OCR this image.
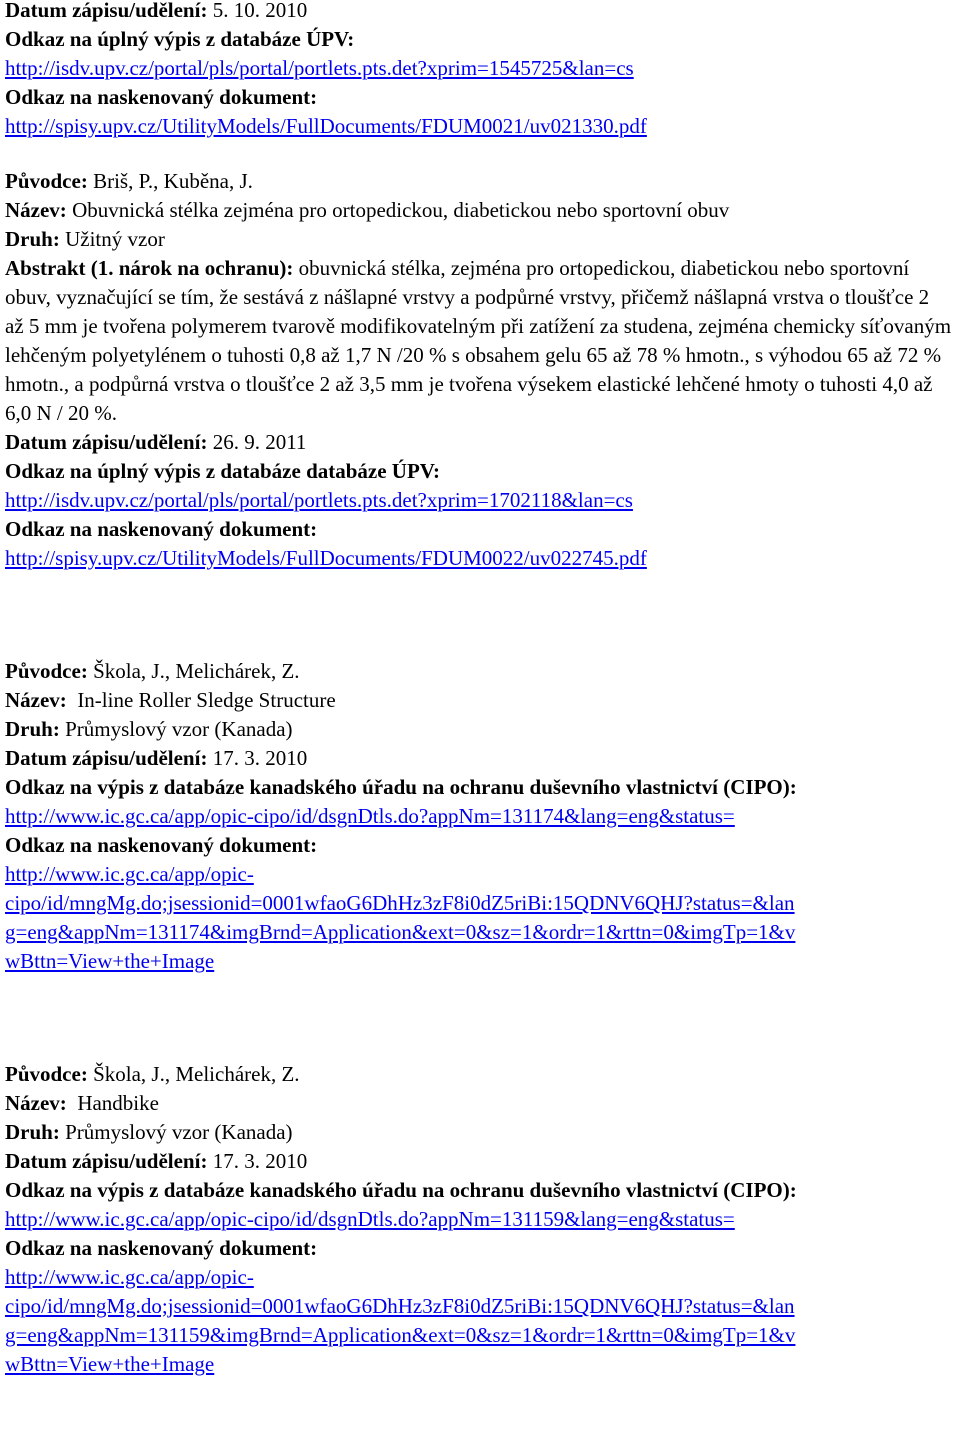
Datum zápisu/udělení: 5. 10. 2010
Odkaz na úplný výpis z databáze ÚPV:
http://isdv.upv.cz/portal/pls/portal/portlets.pts.det?xprim=1545725&lan=cs
Odkaz na naskenovaný dokument:
http://spisy.upv.cz/UtilityModels/FullDocuments/FDUM0021/uv021330.pdf
Původce: Briš, P., Kuběna, J.
Název: Obuvnická stélka zejména pro ortopedickou, diabetickou nebo sportovní obuv
Druh: Užitný vzor
Abstrakt (1. nárok na ochranu): obuvnická stélka, zejména pro ortopedickou, diabetickou nebo sportovní obuv, vyznačující se tím, že sestává z nášlapné vrstvy a podpůrné vrstvy, přičemž nášlapná vrstva o tloušťce 2 až 5 mm je tvořena polymerem tvarově modifikovatelným při zatížení za studena, zejména chemicky síťovaným lehčeným polyetylénem o tuhosti 0,8 až 1,7 N /20 % s obsahem gelu 65 až 78 % hmotn., s výhodou 65 až 72 % hmotn., a podpůrná vrstva o tloušťce 2 až 3,5 mm je tvořena výsekem elastické lehčené hmoty o tuhosti 4,0 až 6,0 N / 20 %.
Datum zápisu/udělení: 26. 9. 2011
Odkaz na úplný výpis z databáze databáze ÚPV:
http://isdv.upv.cz/portal/pls/portal/portlets.pts.det?xprim=1702118&lan=cs
Odkaz na naskenovaný dokument:
http://spisy.upv.cz/UtilityModels/FullDocuments/FDUM0022/uv022745.pdf
Původce: Škola, J., Melichárek, Z.
Název:  In-line Roller Sledge Structure
Druh: Průmyslový vzor (Kanada)
Datum zápisu/udělení: 17. 3. 2010
Odkaz na výpis z databáze kanadského úřadu na ochranu duševního vlastnictví (CIPO):
http://www.ic.gc.ca/app/opic-cipo/id/dsgnDtls.do?appNm=131174&lang=eng&status=
Odkaz na naskenovaný dokument:
http://www.ic.gc.ca/app/opic-
cipo/id/mngMg.do;jsessionid=0001wfaoG6DhHz3zF8i0dZ5riBi:15QDNV6QHJ?status=&lan
g=eng&appNm=131174&imgBrnd=Application&ext=0&sz=1&ordr=1&rttn=0&imgTp=1&v
wBttn=View+the+Image
Původce: Škola, J., Melichárek, Z.
Název:  Handbike
Druh: Průmyslový vzor (Kanada)
Datum zápisu/udělení: 17. 3. 2010
Odkaz na výpis z databáze kanadského úřadu na ochranu duševního vlastnictví (CIPO):
http://www.ic.gc.ca/app/opic-cipo/id/dsgnDtls.do?appNm=131159&lang=eng&status=
Odkaz na naskenovaný dokument:
http://www.ic.gc.ca/app/opic-
cipo/id/mngMg.do;jsessionid=0001wfaoG6DhHz3zF8i0dZ5riBi:15QDNV6QHJ?status=&lan
g=eng&appNm=131159&imgBrnd=Application&ext=0&sz=1&ordr=1&rttn=0&imgTp=1&v
wBttn=View+the+Image
